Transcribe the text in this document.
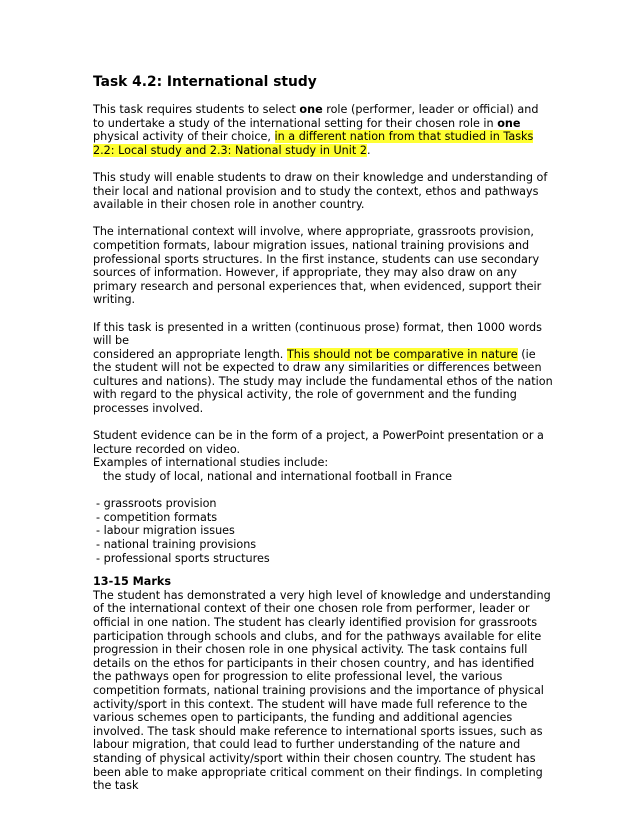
Task 4.2: International study

This task requires students to select one role (performer, leader or official) and to undertake a study of the international setting for their chosen role in one physical activity of their choice, in a different nation from that studied in Tasks 2.2: Local study and 2.3: National study in Unit 2.

This study will enable students to draw on their knowledge and understanding of their local and national provision and to study the context, ethos and pathways available in their chosen role in another country.

The international context will involve, where appropriate, grassroots provision, competition formats, labour migration issues, national training provisions and professional sports structures. In the first instance, students can use secondary sources of information. However, if appropriate, they may also draw on any primary research and personal experiences that, when evidenced, support their writing.

If this task is presented in a written (continuous prose) format, then 1000 words will be
considered an appropriate length. This should not be comparative in nature (ie the student will not be expected to draw any similarities or differences between cultures and nations). The study may include the fundamental ethos of the nation with regard to the physical activity, the role of government and the funding processes involved.

Student evidence can be in the form of a project, a PowerPoint presentation or a lecture recorded on video.
Examples of international studies include:
the study of local, national and international football in France

- grassroots provision
- competition formats
- labour migration issues
- national training provisions
- professional sports structures
13-15 Marks

The student has demonstrated a very high level of knowledge and understanding of the international context of their one chosen role from performer, leader or official in one nation. The student has clearly identified provision for grassroots participation through schools and clubs, and for the pathways available for elite progression in their chosen role in one physical activity. The task contains full details on the ethos for participants in their chosen country, and has identified the pathways open for progression to elite professional level, the various competition formats, national training provisions and the importance of physical activity/sport in this context. The student will have made full reference to the various schemes open to participants, the funding and additional agencies involved. The task should make reference to international sports issues, such as labour migration, that could lead to further understanding of the nature and standing of physical activity/sport within their chosen country. The student has been able to make appropriate critical comment on their findings. In completing the task
